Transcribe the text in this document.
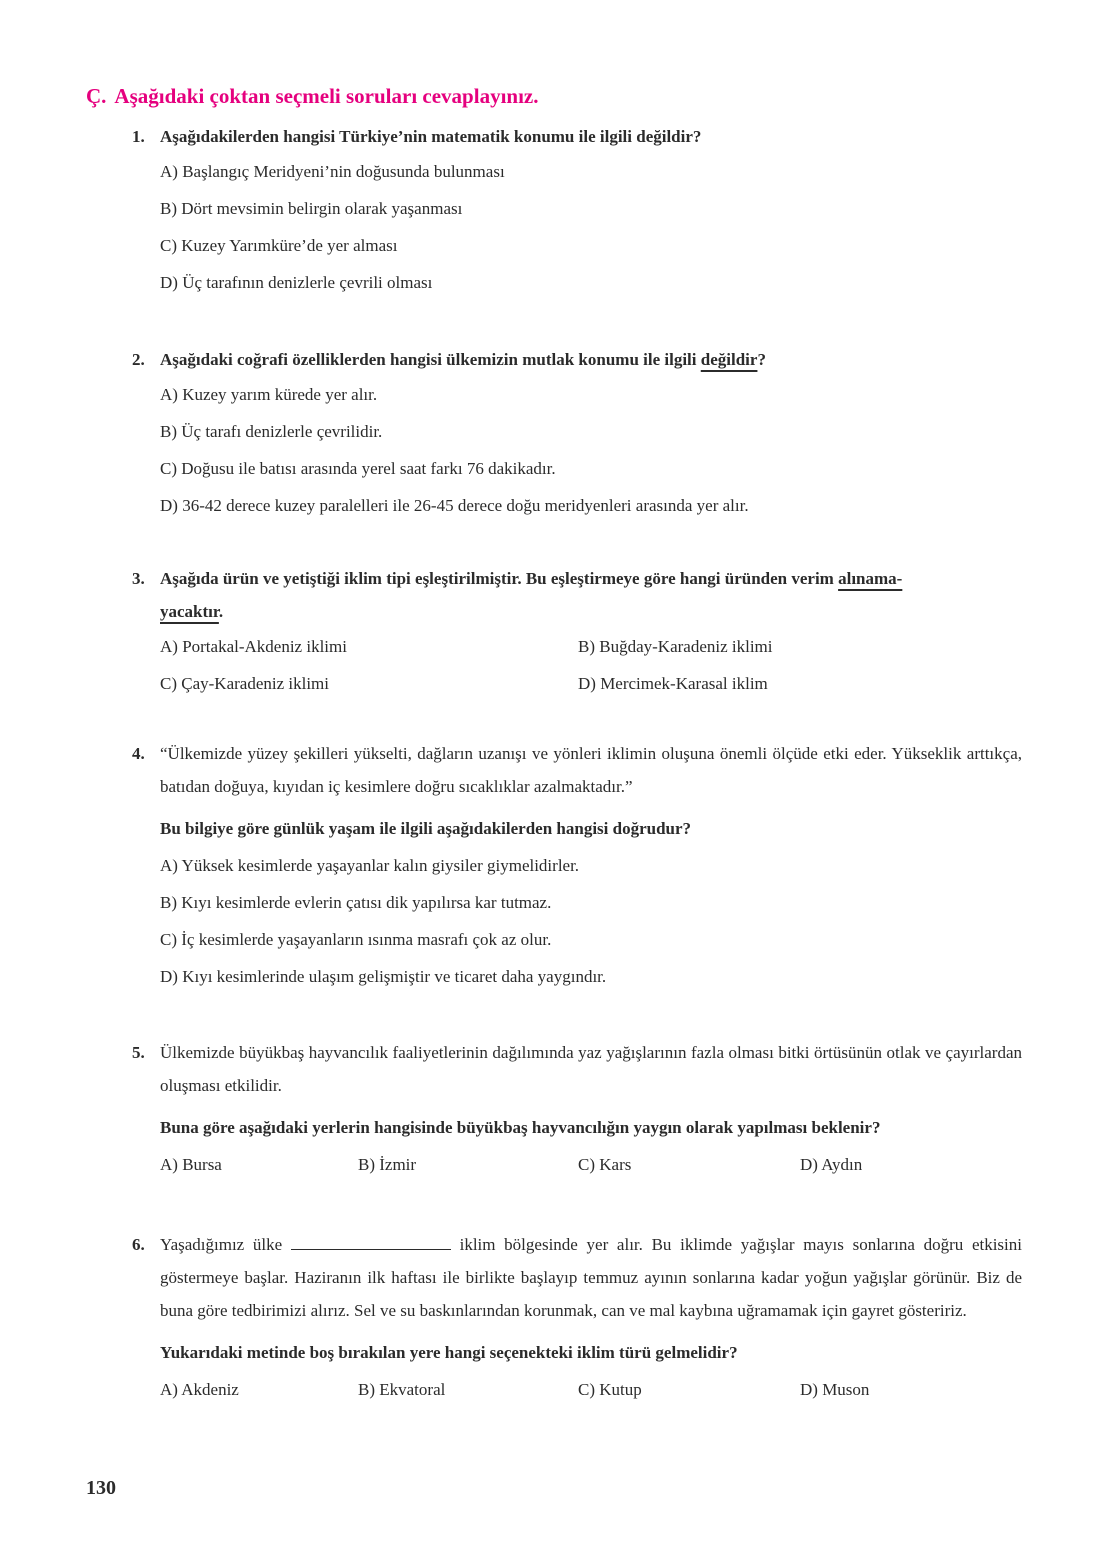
Ç. Aşağıdaki çoktan seçmeli soruları cevaplayınız.
1. Aşağıdakilerden hangisi Türkiye’nin matematik konumu ile ilgili değildir?
A) Başlangıç Meridyeni’nin doğusunda bulunması
B) Dört mevsimin belirgin olarak yaşanması
C) Kuzey Yarımküre’de yer alması
D) Üç tarafının denizlerle çevrili olması
2. Aşağıdaki coğrafi özelliklerden hangisi ülkemizin mutlak konumu ile ilgili değildir?
A) Kuzey yarım kürede yer alır.
B) Üç tarafı denizlerle çevrilidir.
C) Doğusu ile batısı arasında yerel saat farkı 76 dakikadır.
D) 36-42 derece kuzey paralelleri ile 26-45 derece doğu meridyenleri arasında yer alır.
3. Aşağıda ürün ve yetiştiği iklim tipi eşleştirilmiştir. Bu eşleştirmeye göre hangi üründen verim alınama-
yacaktır.
A) Portakal-Akdeniz iklimi	B) Buğday-Karadeniz iklimi
C) Çay-Karadeniz iklimi	D) Mercimek-Karasal iklim
4. “Ülkemizde yüzey şekilleri yükselti, dağların uzanışı ve yönleri iklimin oluşuna önemli ölçüde etki eder. Yükseklik arttıkça, batıdan doğuya, kıyıdan iç kesimlere doğru sıcaklıklar azalmaktadır.”
Bu bilgiye göre günlük yaşam ile ilgili aşağıdakilerden hangisi doğrudur?
A) Yüksek kesimlerde yaşayanlar kalın giysiler giymelidirler.
B) Kıyı kesimlerde evlerin çatısı dik yapılırsa kar tutmaz.
C) İç kesimlerde yaşayanların ısınma masrafı çok az olur.
D) Kıyı kesimlerinde ulaşım gelişmiştir ve ticaret daha yaygındır.
5. Ülkemizde büyükbaş hayvancılık faaliyetlerinin dağılımında yaz yağışlarının fazla olması bitki örtüsünün otlak ve çayırlardan oluşması etkilidir.
Buna göre aşağıdaki yerlerin hangisinde büyükbaş hayvancılığın yaygın olarak yapılması beklenir?
A) Bursa	B) İzmir	C) Kars	D) Aydın
6. Yaşadığımız ülke	iklim bölgesinde yer alır. Bu iklimde yağışlar mayıs sonlarına doğru etkisini göstermeye başlar. Haziranın ilk haftası ile birlikte başlayıp temmuz ayının sonlarına kadar yoğun yağışlar görünür. Biz de buna göre tedbirimizi alırız. Sel ve su baskınlarından korunmak, can ve mal kaybına uğramamak için gayret gösteririz.
Yukarıdaki metinde boş bırakılan yere hangi seçenekteki iklim türü gelmelidir?
A) Akdeniz	B) Ekvatoral	C) Kutup	D) Muson
130
